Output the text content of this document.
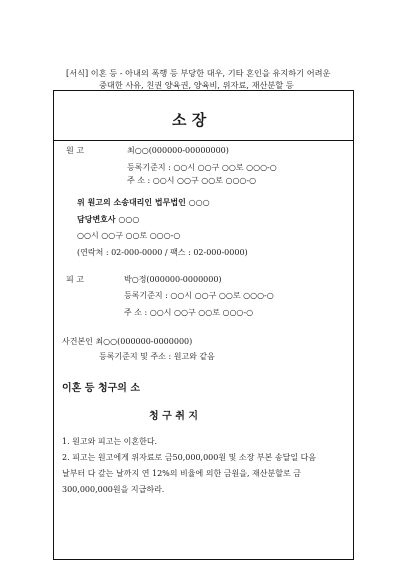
[서식] 이혼 등 - 아내의 폭행 등 부당한 대우, 기타 혼인을 유지하기 어려운
중대한 사유, 친권 양육권, 양육비, 위자료, 재산분할 등
소 장
원 고	최○○(000000-00000000)
등록기준지 : ○○시 ○○구 ○○로 ○○○-○
주 소 : ○○시 ○○구 ○○로 ○○○-○
위 원고의 소송대리인 법무법인 ○○○
담당변호사 ○○○
○○시 ○○구 ○○로 ○○○-○
(연락처 : 02-000-0000 / 팩스 : 02-000-0000)
피 고	박○정(000000-0000000)
등록기준지 : ○○시 ○○구 ○○로 ○○○-○
주 소 : ○○시 ○○구 ○○로 ○○○-○
사건본인 최○○(000000-0000000)
등록기준지 및 주소 : 원고와 같음
이혼 등 청구의 소
청 구 취 지
1. 원고와 피고는 이혼한다.
2. 피고는 원고에게 위자료로 금50,000,000원 및 소장 부본 송달일 다음
날부터 다 갚는 날까지 연 12%의 비율에 의한 금원을, 재산분할로 금
300,000,000원을 지급하라.
